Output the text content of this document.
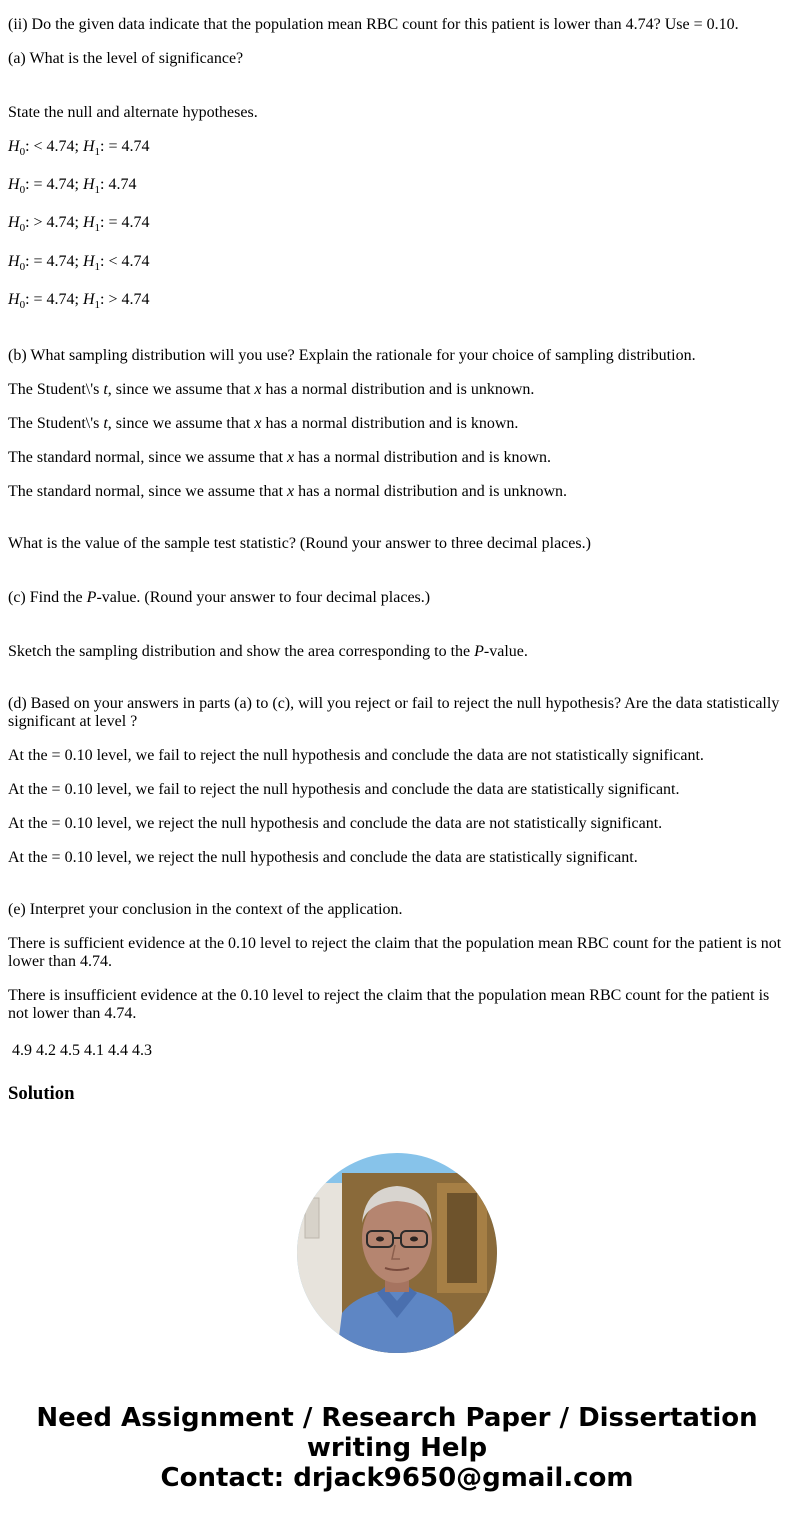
(ii) Do the given data indicate that the population mean RBC count for this patient is lower than 4.74? Use = 0.10.
(a) What is the level of significance?
State the null and alternate hypotheses.
$H_0$: < 4.74; $H_1$: = 4.74
$H_0$: = 4.74; $H_1$: 4.74
$H_0$: > 4.74; $H_1$: = 4.74
$H_0$: = 4.74; $H_1$: < 4.74
$H_0$: = 4.74; $H_1$: > 4.74
(b) What sampling distribution will you use? Explain the rationale for your choice of sampling distribution.
The Student\'s t, since we assume that x has a normal distribution and is unknown.
The Student\'s t, since we assume that x has a normal distribution and is known.
The standard normal, since we assume that x has a normal distribution and is known.
The standard normal, since we assume that x has a normal distribution and is unknown.
What is the value of the sample test statistic? (Round your answer to three decimal places.)
(c) Find the P-value. (Round your answer to four decimal places.)
Sketch the sampling distribution and show the area corresponding to the P-value.
(d) Based on your answers in parts (a) to (c), will you reject or fail to reject the null hypothesis? Are the data statistically significant at level ?
At the = 0.10 level, we fail to reject the null hypothesis and conclude the data are not statistically significant.
At the = 0.10 level, we fail to reject the null hypothesis and conclude the data are statistically significant.
At the = 0.10 level, we reject the null hypothesis and conclude the data are not statistically significant.
At the = 0.10 level, we reject the null hypothesis and conclude the data are statistically significant.
(e) Interpret your conclusion in the context of the application.
There is sufficient evidence at the 0.10 level to reject the claim that the population mean RBC count for the patient is not lower than 4.74.
There is insufficient evidence at the 0.10 level to reject the claim that the population mean RBC count for the patient is not lower than 4.74.
4.9 4.2 4.5 4.1 4.4 4.3
Solution
Need Assignment / Research Paper / Dissertation
writing Help
Contact: drjack9650@gmail.com
